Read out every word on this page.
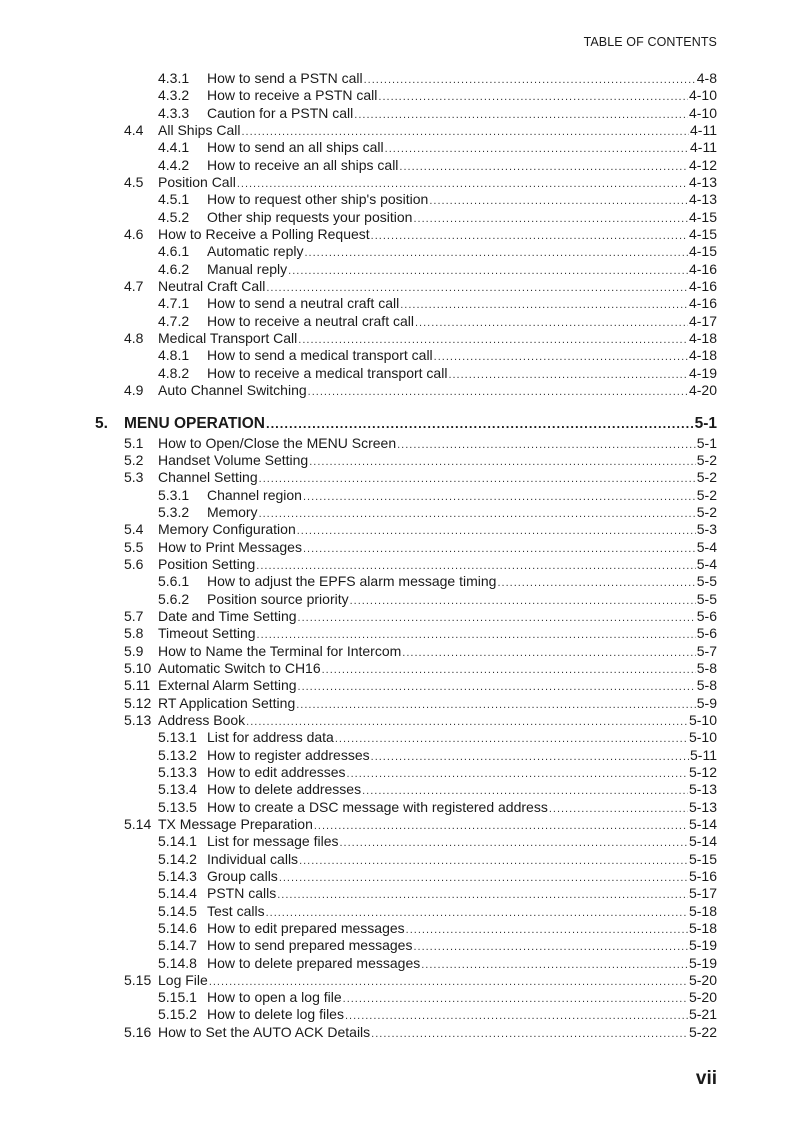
TABLE OF CONTENTS
4.3.1	How to send a PSTN call .....	4-8
4.3.2	How to receive a PSTN call .....	4-10
4.3.3	Caution for a PSTN call .....	4-10
4.4	All Ships Call .....	4-11
4.4.1	How to send an all ships call .....	4-11
4.4.2	How to receive an all ships call .....	4-12
4.5	Position Call .....	4-13
4.5.1	How to request other ship's position .....	4-13
4.5.2	Other ship requests your position .....	4-15
4.6	How to Receive a Polling Request .....	4-15
4.6.1	Automatic reply .....	4-15
4.6.2	Manual reply .....	4-16
4.7	Neutral Craft Call .....	4-16
4.7.1	How to send a neutral craft call .....	4-16
4.7.2	How to receive a neutral craft call .....	4-17
4.8	Medical Transport Call .....	4-18
4.8.1	How to send a medical transport call .....	4-18
4.8.2	How to receive a medical transport call .....	4-19
4.9	Auto Channel Switching .....	4-20
5.	MENU OPERATION .....	5-1
5.1	How to Open/Close the MENU Screen .....	5-1
5.2	Handset Volume Setting .....	5-2
5.3	Channel Setting .....	5-2
5.3.1	Channel region .....	5-2
5.3.2	Memory .....	5-2
5.4	Memory Configuration .....	5-3
5.5	How to Print Messages .....	5-4
5.6	Position Setting .....	5-4
5.6.1	How to adjust the EPFS alarm message timing .....	5-5
5.6.2	Position source priority .....	5-5
5.7	Date and Time Setting .....	5-6
5.8	Timeout Setting .....	5-6
5.9	How to Name the Terminal for Intercom .....	5-7
5.10 Automatic Switch to CH16 .....	5-8
5.11 External Alarm Setting .....	5-8
5.12 RT Application Setting .....	5-9
5.13 Address Book .....	5-10
5.13.1 List for address data .....	5-10
5.13.2 How to register addresses .....	5-11
5.13.3 How to edit addresses .....	5-12
5.13.4 How to delete addresses .....	5-13
5.13.5 How to create a DSC message with registered address .....	5-13
5.14 TX Message Preparation .....	5-14
5.14.1 List for message files .....	5-14
5.14.2 Individual calls .....	5-15
5.14.3 Group calls .....	5-16
5.14.4 PSTN calls .....	5-17
5.14.5 Test calls .....	5-18
5.14.6 How to edit prepared messages .....	5-18
5.14.7 How to send prepared messages .....	5-19
5.14.8 How to delete prepared messages .....	5-19
5.15 Log File .....	5-20
5.15.1 How to open a log file .....	5-20
5.15.2 How to delete log files .....	5-21
5.16 How to Set the AUTO ACK Details .....	5-22
vii
